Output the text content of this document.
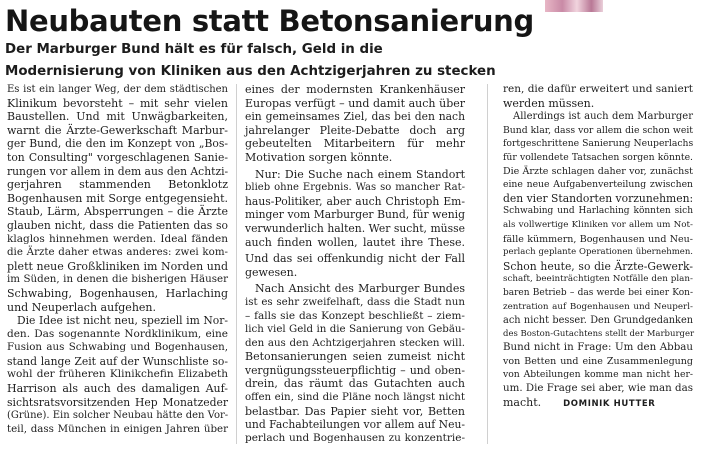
Neubauten statt Betonsanierung

Der Marburger Bund hält es für falsch, Geld in die

Modernisierung von Kliniken aus den Achtzigerjahren zu stecken

Es ist ein langer Weg, der dem städtischen
Klinikum bevorsteht – mit sehr vielen
Baustellen. Und mit Unwägbarkeiten,
warnt die Ärzte-Gewerkschaft Marbur-
ger Bund, die den im Konzept von „Bos-
ton Consulting" vorgeschlagenen Sanie-
rungen vor allem in dem aus den Achtzi-
gerjahren stammenden Betonklotz
Bogenhausen mit Sorge entgegensieht.
Staub, Lärm, Absperrungen – die Ärzte
glauben nicht, dass die Patienten das so
klaglos hinnehmen werden. Ideal fänden
die Ärzte daher etwas anderes: zwei kom-
plett neue Großkliniken im Norden und
im Süden, in denen die bisherigen Häuser
Schwabing, Bogenhausen, Harlaching
und Neuperlach aufgehen.
Die Idee ist nicht neu, speziell im Nor-
den. Das sogenannte Nordklinikum, eine
Fusion aus Schwabing und Bogenhausen,
stand lange Zeit auf der Wunschliste so-
wohl der früheren Klinikchefin Elizabeth
Harrison als auch des damaligen Auf-
sichtsratsvorsitzenden Hep Monatzeder
(Grüne). Ein solcher Neubau hätte den Vor-
teil, dass München in einigen Jahren über
eines der modernsten Krankenhäuser
Europas verfügt – und damit auch über
ein gemeinsames Ziel, das bei den nach
jahrelanger Pleite-Debatte doch arg
gebeutelten Mitarbeitern für mehr
Motivation sorgen könnte.
Nur: Die Suche nach einem Standort
blieb ohne Ergebnis. Was so mancher Rat-
haus-Politiker, aber auch Christoph Em-
minger vom Marburger Bund, für wenig
verwunderlich halten. Wer sucht, müsse
auch finden wollen, lautet ihre These.
Und das sei offenkundig nicht der Fall
gewesen.
Nach Ansicht des Marburger Bundes
ist es sehr zweifelhaft, dass die Stadt nun
– falls sie das Konzept beschließt – ziem-
lich viel Geld in die Sanierung von Gebäu-
den aus den Achtzigerjahren stecken will.
Betonsanierungen seien zumeist nicht
vergnügungssteuerpflichtig – und oben-
drein, das räumt das Gutachten auch
offen ein, sind die Pläne noch längst nicht
belastbar. Das Papier sieht vor, Betten
und Fachabteilungen vor allem auf Neu-
perlach und Bogenhausen zu konzentrie-
ren, die dafür erweitert und saniert
werden müssen.
Allerdings ist auch dem Marburger
Bund klar, dass vor allem die schon weit
fortgeschrittene Sanierung Neuperlachs
für vollendete Tatsachen sorgen könnte.
Die Ärzte schlagen daher vor, zunächst
eine neue Aufgabenverteilung zwischen
den vier Standorten vorzunehmen:
Schwabing und Harlaching könnten sich
als vollwertige Kliniken vor allem um Not-
fälle kümmern, Bogenhausen und Neu-
perlach geplante Operationen übernehmen.
Schon heute, so die Ärzte-Gewerk-
schaft, beeinträchtigten Notfälle den plan-
baren Betrieb – das werde bei einer Kon-
zentration auf Bogenhausen und Neuperl-
ach nicht besser. Den Grundgedanken
des Boston-Gutachtens stellt der Marburger
Bund nicht in Frage: Um den Abbau
von Betten und eine Zusammenlegung
von Abteilungen komme man nicht her-
um. Die Frage sei aber, wie man das
macht.	DOMINIK HUTTER
